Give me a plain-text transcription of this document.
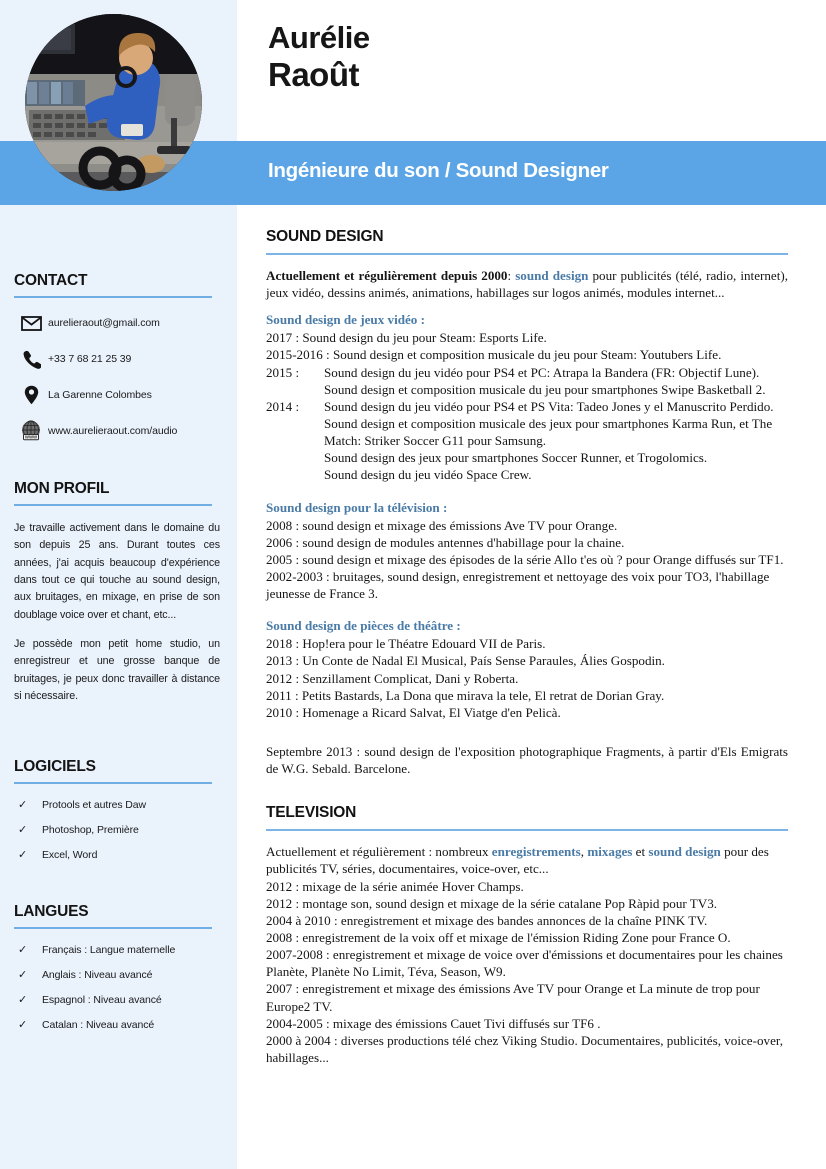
Ingénieure du son / Sound Designer
Aurélie
Raoût
CONTACT
aurelieraout@gmail.com
+33 7 68 21 25 39
La Garenne Colombes
WWW
www.aurelieraout.com/audio
MON PROFIL
Je travaille activement dans le domaine du son depuis 25 ans. Durant toutes ces années, j'ai acquis beaucoup d'expérience dans tout ce qui touche au sound design, aux bruitages, en mixage, en prise de son doublage voice over et chant, etc...
Je possède mon petit home studio, un enregistreur et une grosse banque de bruitages, je peux donc travailler à distance si nécessaire.
LOGICIELS
✓	Protools et autres Daw
✓	Photoshop, Première
✓	Excel, Word
LANGUES
✓	Français : Langue maternelle
✓	Anglais : Niveau avancé
✓	Espagnol : Niveau avancé
✓	Catalan : Niveau avancé
SOUND DESIGN
Actuellement et régulièrement depuis 2000: sound design pour publicités (télé, radio, internet), jeux vidéo, dessins animés, animations, habillages sur logos animés, modules internet...
Sound design de jeux vidéo :
2017 : Sound design du jeu pour Steam: Esports Life.
2015-2016 : Sound design et composition musicale du jeu pour Steam: Youtubers Life.
2015 :	Sound design du jeu vidéo pour PS4 et PC: Atrapa la Bandera (FR: Objectif Lune).
Sound design et composition musicale du jeu pour smartphones Swipe Basketball 2.
2014 :	Sound design du jeu vidéo pour PS4 et PS Vita: Tadeo Jones y el Manuscrito Perdido.
Sound design et composition musicale des jeux pour smartphones Karma Run, et The Match: Striker Soccer G11 pour Samsung.
Sound design des jeux pour smartphones Soccer Runner, et Trogolomics.
Sound design du jeu vidéo Space Crew.
Sound design pour la télévision :
2008 : sound design et mixage des émissions Ave TV pour Orange.
2006 : sound design de modules antennes d'habillage pour la chaine.
2005 : sound design et mixage des épisodes de la série Allo t'es où ? pour Orange diffusés sur TF1.
2002-2003 : bruitages, sound design, enregistrement et nettoyage des voix pour TO3, l'habillage jeunesse de France 3.
Sound design de pièces de théâtre :
2018 : Hop!era pour le Théatre Edouard VII de Paris.
2013 : Un Conte de Nadal El Musical, País Sense Paraules, Álies Gospodin.
2012 : Senzillament Complicat, Dani y Roberta.
2011 : Petits Bastards, La Dona que mirava la tele, El retrat de Dorian Gray.
2010 : Homenage a Ricard Salvat, El Viatge d'en Pelicà.
Septembre 2013 : sound design de l'exposition photographique Fragments, à partir d'Els Emigrats de W.G. Sebald. Barcelone.
TELEVISION
Actuellement et régulièrement : nombreux enregistrements, mixages et sound design pour des publicités TV, séries, documentaires, voice-over, etc...
2012 : mixage de la série animée Hover Champs.
2012 : montage son, sound design et mixage de la série catalane Pop Ràpid pour TV3.
2004 à 2010 : enregistrement et mixage des bandes annonces de la chaîne PINK TV.
2008 : enregistrement de la voix off et mixage de l'émission Riding Zone pour France O.
2007-2008 : enregistrement et mixage de voice over d'émissions et documentaires pour les chaines Planète, Planète No Limit, Téva, Season, W9.
2007 : enregistrement et mixage des émissions Ave TV pour Orange et La minute de trop pour Europe2 TV.
2004-2005 : mixage des émissions Cauet Tivi diffusés sur TF6 .
2000 à 2004 : diverses productions télé chez Viking Studio. Documentaires, publicités, voice-over, habillages...
